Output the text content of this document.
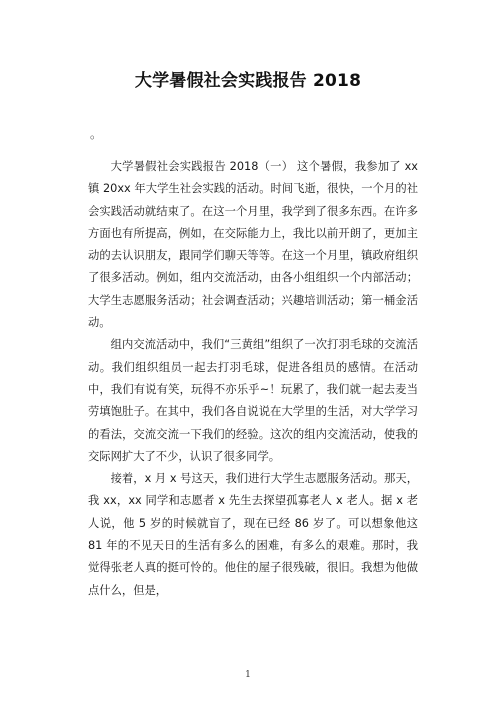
大学暑假社会实践报告 2018
。

大学暑假社会实践报告 2018（一） 这个暑假，我参加了 xx 镇 20xx 年大学生社会实践的活动。时间飞逝，很快，一个月的社会实践活动就结束了。在这一个月里，我学到了很多东西。在许多方面也有所提高，例如，在交际能力上，我比以前开朗了，更加主动的去认识朋友，跟同学们聊天等等。在这一个月里，镇政府组织了很多活动。例如，组内交流活动，由各小组组织一个内部活动；大学生志愿服务活动；社会调查活动；兴趣培训活动；第一桶金活动。

组内交流活动中，我们“三黄组”组织了一次打羽毛球的交流活动。我们组织组员一起去打羽毛球，促进各组员的感情。在活动中，我们有说有笑，玩得不亦乐乎~！玩累了，我们就一起去麦当劳填饱肚子。在其中，我们各自说说在大学里的生活，对大学学习的看法，交流交流一下我们的经验。这次的组内交流活动，使我的交际网扩大了不少，认识了很多同学。

接着，x 月 x 号这天，我们进行大学生志愿服务活动。那天，我 xx，xx 同学和志愿者 x 先生去探望孤寡老人 x 老人。据 x 老人说，他 5 岁的时候就盲了，现在已经 86 岁了。可以想象他这 81 年的不见天日的生活有多么的困难，有多么的艰难。那时，我觉得张老人真的挺可怜的。他住的屋子很残破，很旧。我想为他做点什么，但是，

1
